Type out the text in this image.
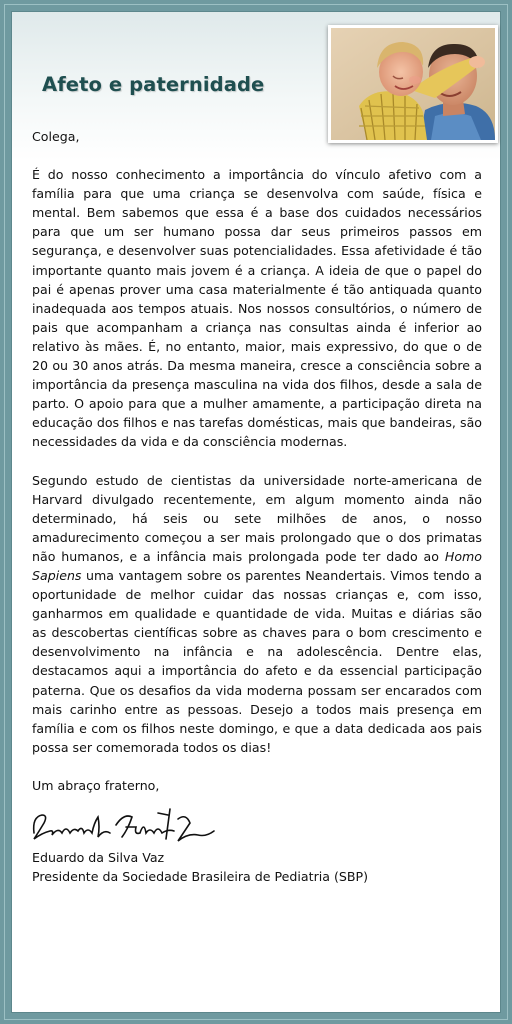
Afeto e paternidade

Colega,

É do nosso conhecimento a importância do vínculo afetivo com a família para que uma criança se desenvolva com saúde, física e mental. Bem sabemos que essa é a base dos cuidados necessários para que um ser humano possa dar seus primeiros passos em segurança, e desenvolver suas potencialidades. Essa afetividade é tão importante quanto mais jovem é a criança. A ideia de que o papel do pai é apenas prover uma casa materialmente é tão antiquada quanto inadequada aos tempos atuais. Nos nossos consultórios, o número de pais que acompanham a criança nas consultas ainda é inferior ao relativo às mães. É, no entanto, maior, mais expressivo, do que o de 20 ou 30 anos atrás. Da mesma maneira, cresce a consciência sobre a importância da presença masculina na vida dos filhos, desde a sala de parto. O apoio para que a mulher amamente, a participação direta na educação dos filhos e nas tarefas domésticas, mais que bandeiras, são necessidades da vida e da consciência modernas.

Segundo estudo de cientistas da universidade norte-americana de Harvard divulgado recentemente, em algum momento ainda não determinado, há seis ou sete milhões de anos, o nosso amadurecimento começou a ser mais prolongado que o dos primatas não humanos, e a infância mais prolongada pode ter dado ao Homo Sapiens uma vantagem sobre os parentes Neandertais. Vimos tendo a oportunidade de melhor cuidar das nossas crianças e, com isso, ganharmos em qualidade e quantidade de vida. Muitas e diárias são as descobertas científicas sobre as chaves para o bom crescimento e desenvolvimento na infância e na adolescência. Dentre elas, destacamos aqui a importância do afeto e da essencial participação paterna. Que os desafios da vida moderna possam ser encarados com mais carinho entre as pessoas. Desejo a todos mais presença em família e com os filhos neste domingo, e que a data dedicada aos pais possa ser comemorada todos os dias!

Um abraço fraterno,

Eduardo da Silva Vaz

Presidente da Sociedade Brasileira de Pediatria (SBP)
